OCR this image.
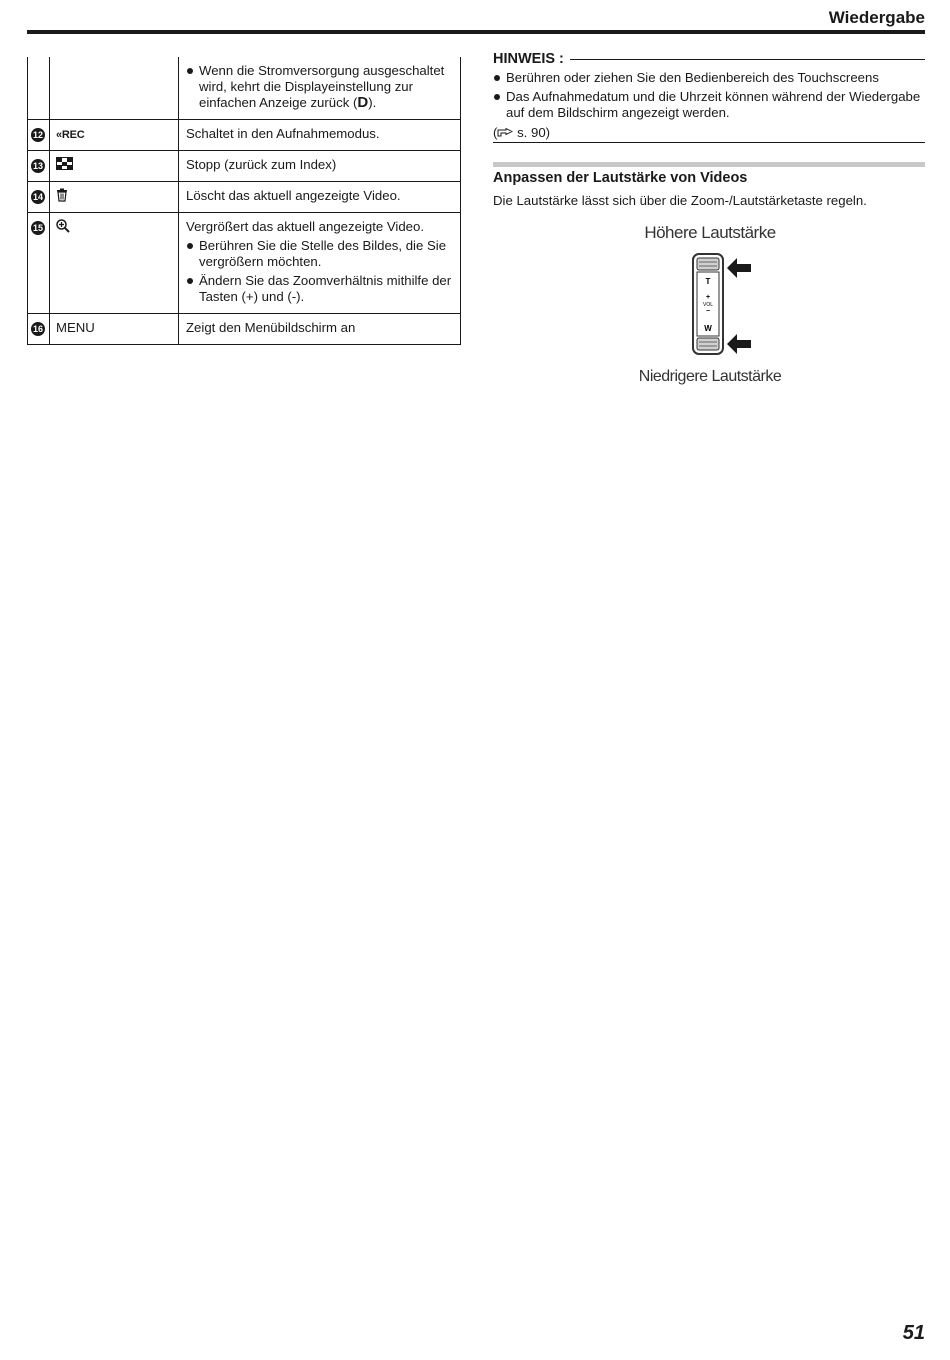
Wiedergabe

		Wenn die Stromversorgung ausgeschaltet wird, kehrt die Displayeinstellung zur einfachen Anzeige zurück (D).

12	«REC	Schaltet in den Aufnahmemodus.
13		Stopp (zurück zum Index)
14		Löscht das aktuell angezeigte Video.
15		Vergrößert das aktuell angezeigte Video.
Berühren Sie die Stelle des Bildes, die Sie vergrößern möchten.
Ändern Sie das Zoomverhältnis mithilfe der Tasten (+) und (-).

16	MENU	Zeigt den Menübildschirm an
HINWEIS :
Berühren oder ziehen Sie den Bedienbereich des Touchscreens
Das Aufnahmedatum und die Uhrzeit können während der Wiedergabe auf dem Bildschirm angezeigt werden.
( s. 90)
Anpassen der Lautstärke von Videos
Die Lautstärke lässt sich über die Zoom-/Lautstärketaste regeln.
Höhere Lautstärke
T
+
VOL
−
W
Niedrigere Lautstärke
51
